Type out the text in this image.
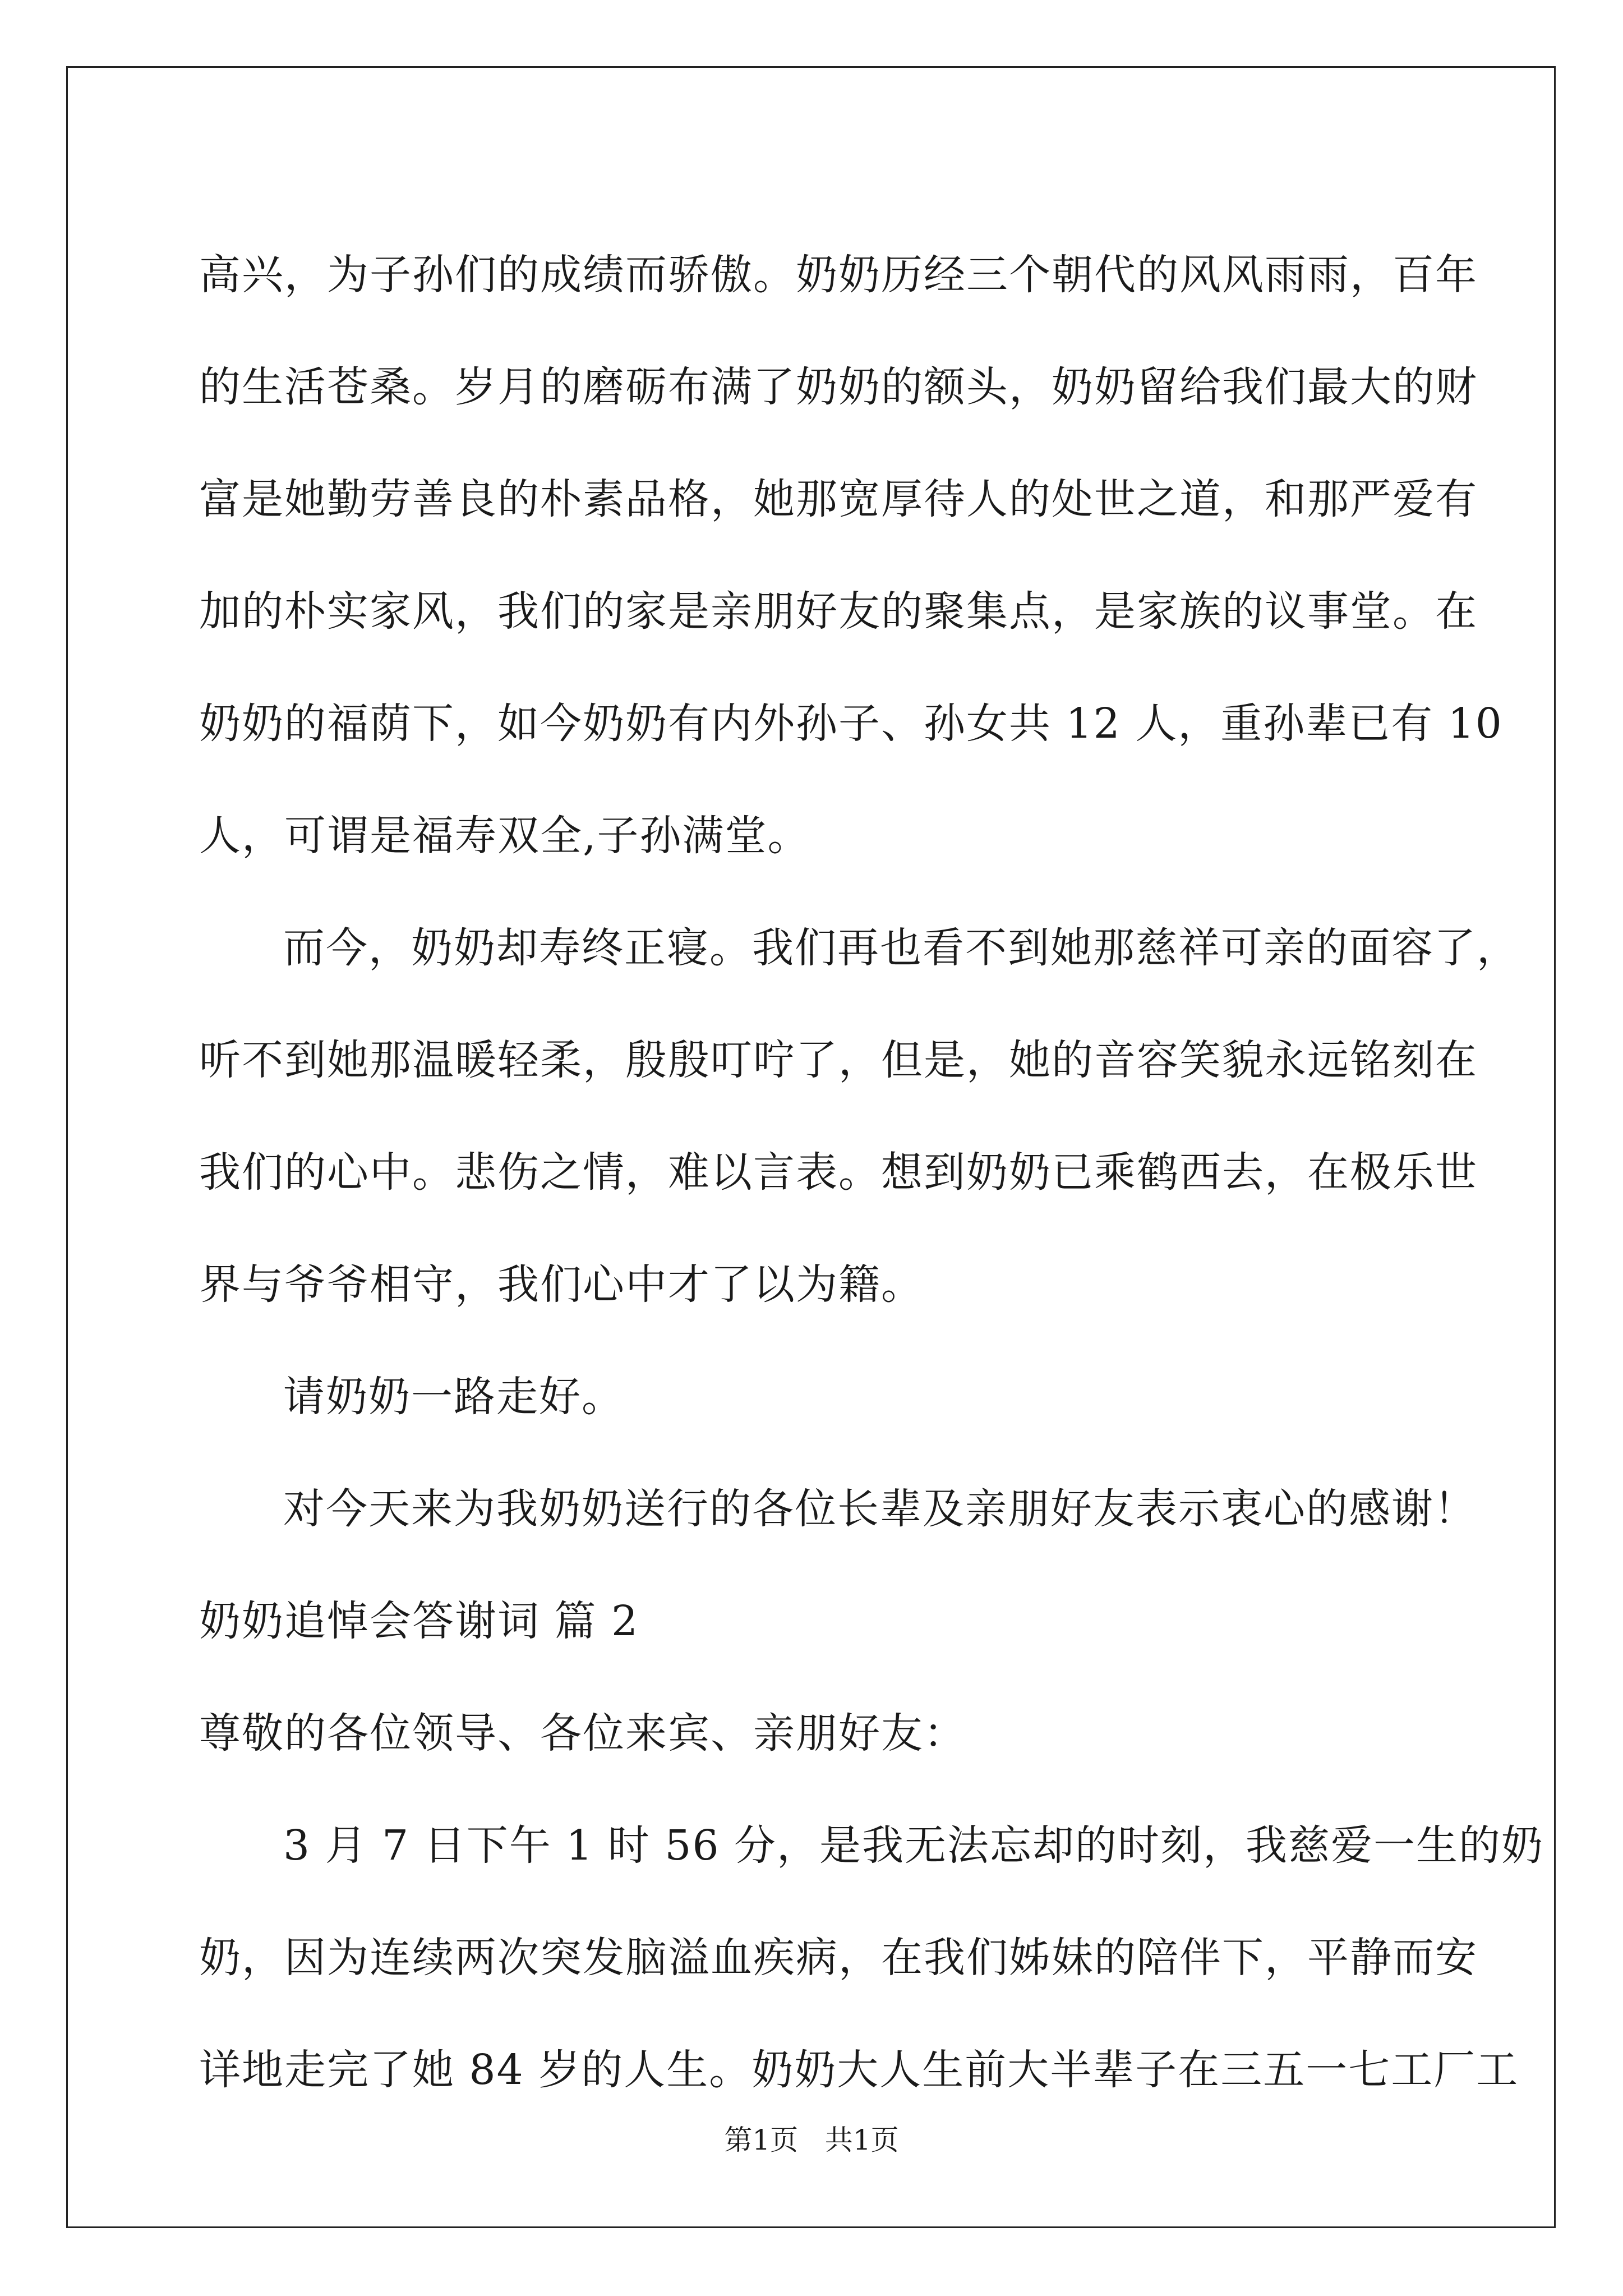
高兴，为子孙们的成绩而骄傲。奶奶历经三个朝代的风风雨雨，百年
的生活苍桑。岁月的磨砺布满了奶奶的额头，奶奶留给我们最大的财
富是她勤劳善良的朴素品格，她那宽厚待人的处世之道，和那严爱有
加的朴实家风，我们的家是亲朋好友的聚集点，是家族的议事堂。在
奶奶的福荫下，如今奶奶有内外孙子、孙女共 12 人，重孙辈已有 10
人，可谓是福寿双全,子孙满堂。
而今，奶奶却寿终正寝。我们再也看不到她那慈祥可亲的面容了，
听不到她那温暖轻柔，殷殷叮咛了，但是，她的音容笑貌永远铭刻在
我们的心中。悲伤之情，难以言表。想到奶奶已乘鹤西去，在极乐世
界与爷爷相守，我们心中才了以为籍。
请奶奶一路走好。
对今天来为我奶奶送行的各位长辈及亲朋好友表示衷心的感谢！
奶奶追悼会答谢词 篇 2
尊敬的各位领导、各位来宾、亲朋好友：
3 月 7 日下午 1 时 56 分，是我无法忘却的时刻，我慈爱一生的奶
奶，因为连续两次突发脑溢血疾病，在我们姊妹的陪伴下，平静而安
详地走完了她 84 岁的人生。奶奶大人生前大半辈子在三五一七工厂工
第1页   共1页
